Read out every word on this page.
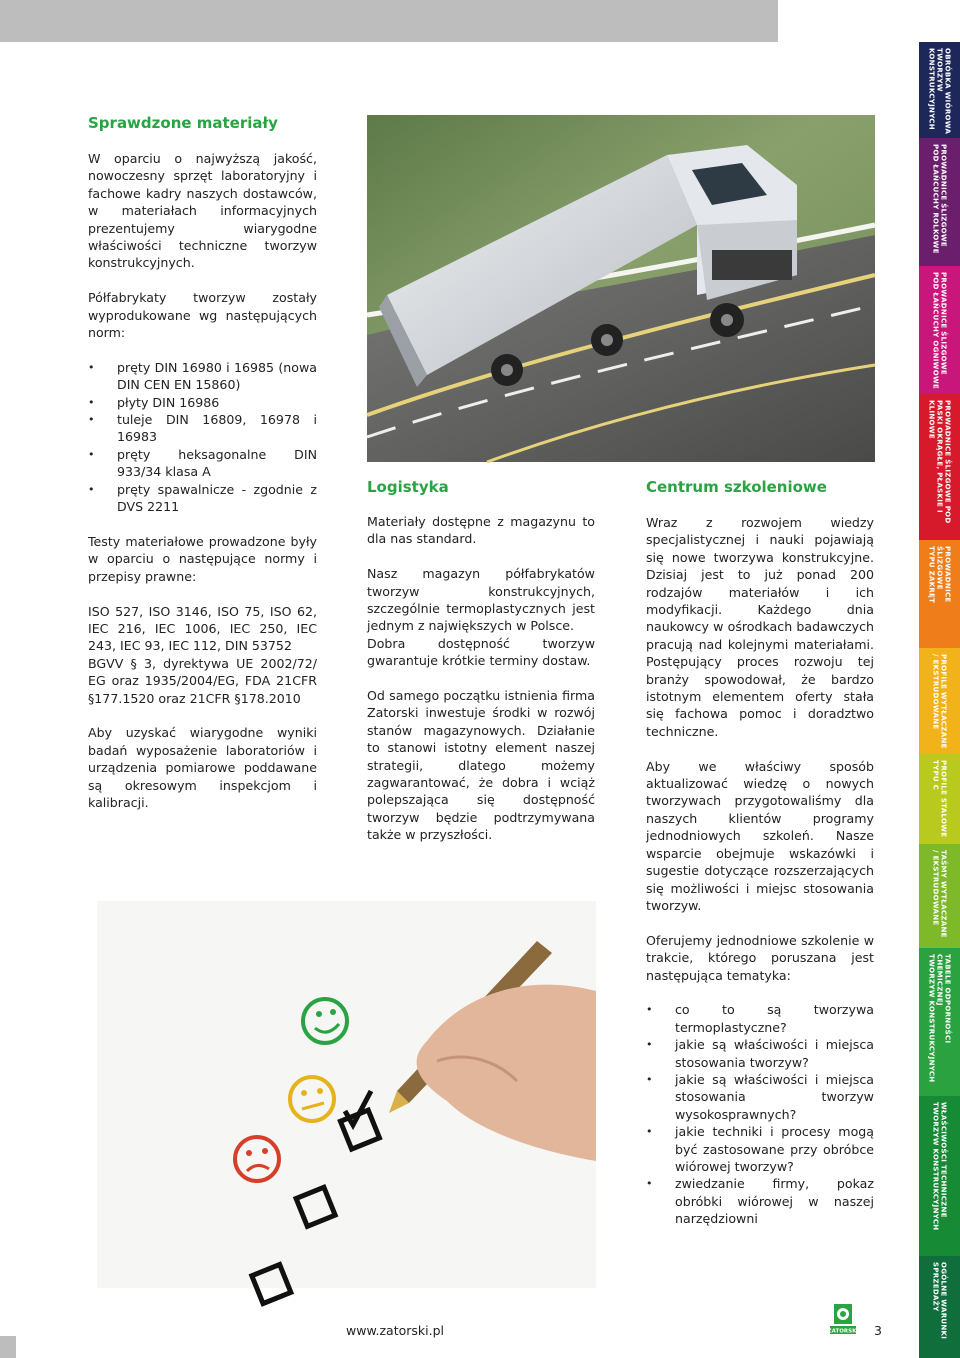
Sprawdzone materiały

W oparciu o najwyższą jakość, nowoczesny sprzęt laboratoryjny i fachowe kadry naszych dostawców, w materiałach informacyjnych prezentujemy wiarygodne właściwości techniczne tworzyw konstrukcyjnych.

Półfabrykaty tworzyw zostały wyprodukowane wg następujących norm:

• pręty DIN 16980 i 16985 (nowa DIN CEN EN 15860)
• płyty DIN 16986
• tuleje DIN 16809, 16978 i 16983
• pręty heksagonalne DIN 933/34 klasa A
• pręty spawalnicze - zgodnie z DVS 2211

Testy materiałowe prowadzone były w oparciu o następujące normy i przepisy prawne:

ISO 527, ISO 3146, ISO 75, ISO 62, IEC 216, IEC 1006, IEC 250, IEC 243, IEC 93, IEC 112, DIN 53752

BGVV § 3, dyrektywa UE 2002/72/ EG oraz 1935/2004/EG, FDA 21CFR §177.1520 oraz 21CFR §178.2010

Aby uzyskać wiarygodne wyniki badań wyposażenie laboratoriów i urządzenia pomiarowe poddawane są okresowym inspekcjom i kalibracji.

Logistyka

Materiały dostępne z magazynu to dla nas standard.

Nasz magazyn półfabrykatów tworzyw konstrukcyjnych, szczególnie termoplastycznych jest jednym z największych w Polsce.

Dobra dostępność tworzyw gwarantuje krótkie terminy dostaw.

Od samego początku istnienia firma Zatorski inwestuje środki w rozwój stanów magazynowych. Działanie to stanowi istotny element naszej strategii, dlatego możemy zagwarantować, że dobra i wciąż polepszająca się dostępność tworzyw będzie podtrzymywana także w przyszłości.

Centrum szkoleniowe

Wraz z rozwojem wiedzy specjalistycznej i nauki pojawiają się nowe tworzywa konstrukcyjne. Dzisiaj jest to już ponad 200 rodzajów materiałów i ich modyfikacji. Każdego dnia naukowcy w ośrodkach badawczych pracują nad kolejnymi materiałami. Postępujący proces rozwoju tej branży spowodował, że bardzo istotnym elementem oferty stała się fachowa pomoc i doradztwo techniczne.

Aby we właściwy sposób aktualizować wiedzę o nowych tworzywach przygotowaliśmy dla naszych klientów programy jednodniowych szkoleń. Nasze wsparcie obejmuje wskazówki i sugestie dotyczące rozszerzających się możliwości i miejsc stosowania tworzyw.

Oferujemy jednodniowe szkolenie w trakcie, którego poruszana jest następująca tematyka:

• co to są tworzywa termoplastyczne?
• jakie są właściwości i miejsca stosowania tworzyw?
• jakie są właściwości i miejsca stosowania tworzyw wysokosprawnych?
• jakie techniki i procesy mogą być zastosowane przy obróbce wiórowej tworzyw?
• zwiedzanie firmy, pokaz obróbki wiórowej w naszej narzędziowni
www.zatorski.pl	ZATORSKI 3
OBRÓBKA WIÓROWA
TWORZYW
KONSTRUKCYJNYCH
PROWADNICE ŚLIZGOWE
POD ŁAŃCUCHY ROLKOWE
PROWADNICE ŚLIZGOWE
POD ŁAŃCUCHY OGNIWOWE
PROWADNICE ŚLIZGOWE POD
PASKI OKRĄGŁE, PŁASKIE I KLINOWE
PROWADNICE ŚLIZGOWE
TYPU ZAKRĘT
PROFILE WYTŁACZANE
/ EKSTRUDOWANE
PROFILE STALOWE
TYPU C
TAŚMY WYTŁACZANE
/ EKSTRUDOWANE
TABELE ODPORNOŚCI CHEMICZNEJ
TWORZYW KONSTRUKCYJNYCH
WŁAŚCIWOŚCI TECHNICZNE
TWORZYW KONSTRUKCYJNYCH
OGÓLNE WARUNKI
SPRZEDAŻY
